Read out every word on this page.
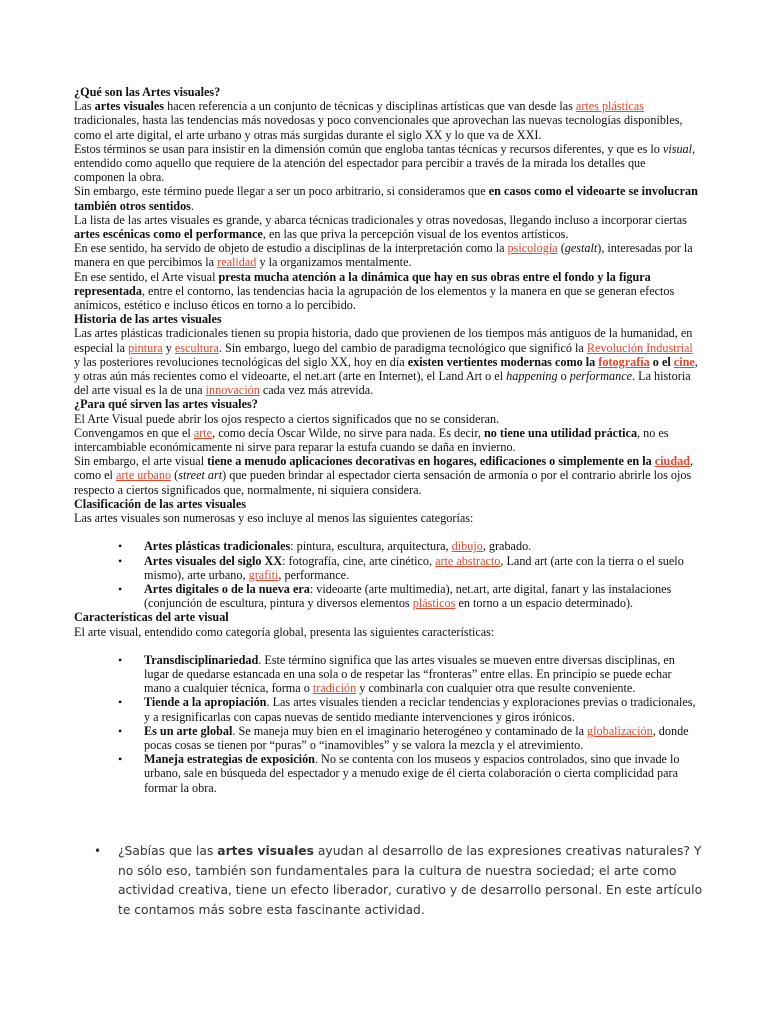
¿Qué son las Artes visuales?

Las artes visuales hacen referencia a un conjunto de técnicas y disciplinas artísticas que van desde las artes plásticas tradicionales, hasta las tendencias más novedosas y poco convencionales que aprovechan las nuevas tecnologías disponibles, como el arte digital, el arte urbano y otras más surgidas durante el siglo XX y lo que va de XXI.

Estos términos se usan para insistir en la dimensión común que engloba tantas técnicas y recursos diferentes, y que es lo visual, entendido como aquello que requiere de la atención del espectador para percibir a través de la mirada los detalles que componen la obra.

Sin embargo, este término puede llegar a ser un poco arbitrario, si consideramos que en casos como el videoarte se involucran también otros sentidos.

La lista de las artes visuales es grande, y abarca técnicas tradicionales y otras novedosas, llegando incluso a incorporar ciertas artes escénicas como el performance, en las que priva la percepción visual de los eventos artísticos.

En ese sentido, ha servido de objeto de estudio a disciplinas de la interpretación como la psicología (gestalt), interesadas por la manera en que percibimos la realidad y la organizamos mentalmente.

En ese sentido, el Arte visual presta mucha atención a la dinámica que hay en sus obras entre el fondo y la figura representada, entre el contorno, las tendencias hacia la agrupación de los elementos y la manera en que se generan efectos anímicos, estético e incluso éticos en torno a lo percibido.

Historia de las artes visuales

Las artes plásticas tradicionales tienen su propia historia, dado que provienen de los tiempos más antiguos de la humanidad, en especial la pintura y escultura. Sin embargo, luego del cambio de paradigma tecnológico que significó la Revolución Industrial y las posteriores revoluciones tecnológicas del siglo XX, hoy en día existen vertientes modernas como la fotografía o el cine, y otras aún más recientes como el videoarte, el net.art (arte en Internet), el Land Art o el happening o performance. La historia del arte visual es la de una innovación cada vez más atrevida.

¿Para qué sirven las artes visuales?

El Arte Visual puede abrir los ojos respecto a ciertos significados que no se consideran.

Convengamos en que el arte, como decía Oscar Wilde, no sirve para nada. Es decir, no tiene una utilidad práctica, no es intercambiable económicamente ni sirve para reparar la estufa cuando se daña en invierno.

Sin embargo, el arte visual tiene a menudo aplicaciones decorativas en hogares, edificaciones o simplemente en la ciudad, como el arte urbano (street art) que pueden brindar al espectador cierta sensación de armonía o por el contrario abrirle los ojos respecto a ciertos significados que, normalmente, ni siquiera considera.

Clasificación de las artes visuales

Las artes visuales son numerosas y eso incluye al menos las siguientes categorías:

• Artes plásticas tradicionales: pintura, escultura, arquitectura, dibujo, grabado.
• Artes visuales del siglo XX: fotografía, cine, arte cinético, arte abstracto, Land art (arte con la tierra o el suelo mismo), arte urbano, grafiti, performance.
• Artes digitales o de la nueva era: videoarte (arte multimedia), net.art, arte digital, fanart y las instalaciones (conjunción de escultura, pintura y diversos elementos plásticos en torno a un espacio determinado).
Características del arte visual

El arte visual, entendido como categoría global, presenta las siguientes características:

• Transdisciplinariedad. Este término significa que las artes visuales se mueven entre diversas disciplinas, en lugar de quedarse estancada en una sola o de respetar las “fronteras” entre ellas. En principio se puede echar mano a cualquier técnica, forma o tradición y combinarla con cualquier otra que resulte conveniente.
• Tiende a la apropiación. Las artes visuales tienden a reciclar tendencias y exploraciones previas o tradicionales, y a resignificarlas con capas nuevas de sentido mediante intervenciones y giros irónicos.
• Es un arte global. Se maneja muy bien en el imaginario heterogéneo y contaminado de la globalización, donde pocas cosas se tienen por “puras” o “inamovibles” y se valora la mezcla y el atrevimiento.
• Maneja estrategias de exposición. No se contenta con los museos y espacios controlados, sino que invade lo urbano, sale en búsqueda del espectador y a menudo exige de él cierta colaboración o cierta complicidad para formar la obra.
• ¿Sabías que las artes visuales ayudan al desarrollo de las expresiones creativas naturales? Y no sólo eso, también son fundamentales para la cultura de nuestra sociedad; el arte como actividad creativa, tiene un efecto liberador, curativo y de desarrollo personal. En este artículo te contamos más sobre esta fascinante actividad.
